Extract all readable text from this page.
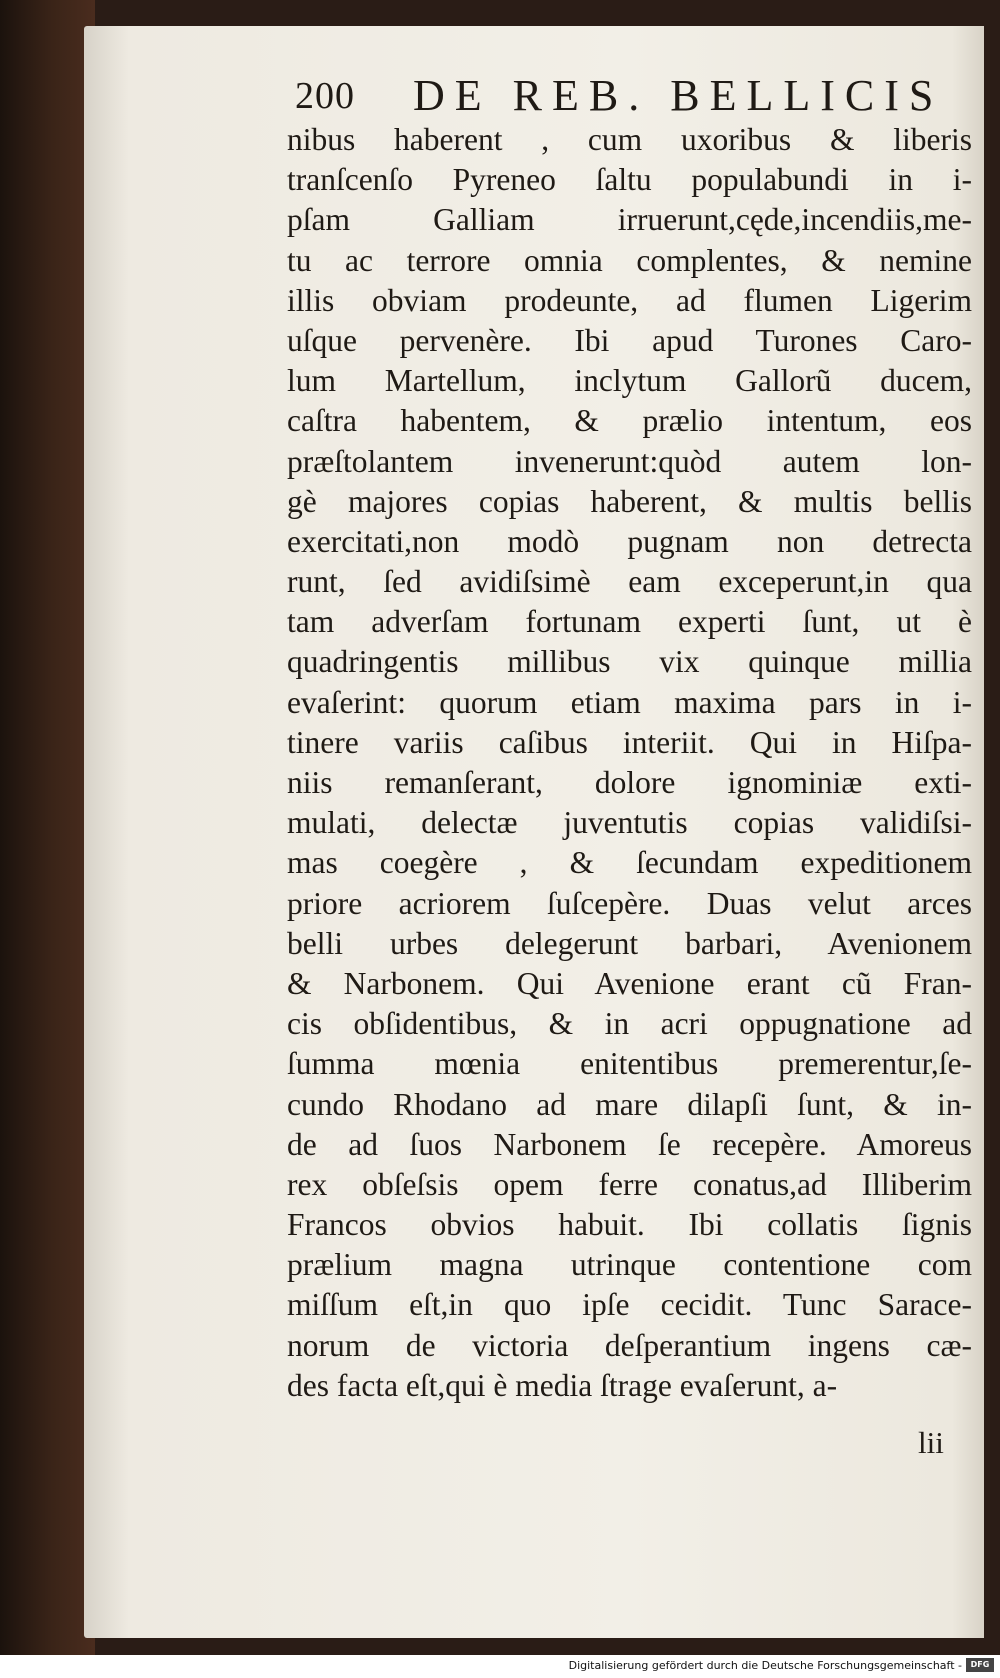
200 DE REB. BELLICIS
nibus haberent , cum uxoribus & liberis
tranſcenſo Pyreneo ſaltu populabundi in i-
pſam Galliam irruerunt,cęde,incendiis,me-
tu ac terrore omnia complentes, & nemine
illis obviam prodeunte, ad flumen Ligerim
uſque pervenère. Ibi apud Turones Caro-
lum Martellum, inclytum Gallorũ ducem,
caſtra habentem, & prælio intentum, eos
præſtolantem invenerunt:quòd autem lon-
gè majores copias haberent, & multis bellis
exercitati,non modò pugnam non detrecta
runt, ſed avidiſsimè eam exceperunt,in qua
tam adverſam fortunam experti ſunt, ut è
quadringentis millibus vix quinque millia
evaſerint: quorum etiam maxima pars in i-
tinere variis caſibus interiit. Qui in Hiſpa-
niis remanſerant, dolore ignominiæ exti-
mulati, delectæ juventutis copias validiſsi-
mas coegère , & ſecundam expeditionem
priore acriorem ſuſcepère. Duas velut arces
belli urbes delegerunt barbari, Avenionem
& Narbonem. Qui Avenione erant cũ Fran-
cis obſidentibus, & in acri oppugnatione ad
ſumma mœnia enitentibus premerentur,ſe-
cundo Rhodano ad mare dilapſi ſunt, & in-
de ad ſuos Narbonem ſe recepère. Amoreus
rex obſeſsis opem ferre conatus,ad Illiberim
Francos obvios habuit. Ibi collatis ſignis
prælium magna utrinque contentione com
miſſum eſt,in quo ipſe cecidit. Tunc Sarace-
norum de victoria deſperantium ingens cæ-
des facta eſt,qui è media ſtrage evaſerunt, a-
lii
Digitalisierung gefördert durch die Deutsche Forschungsgemeinschaft -	DFG
